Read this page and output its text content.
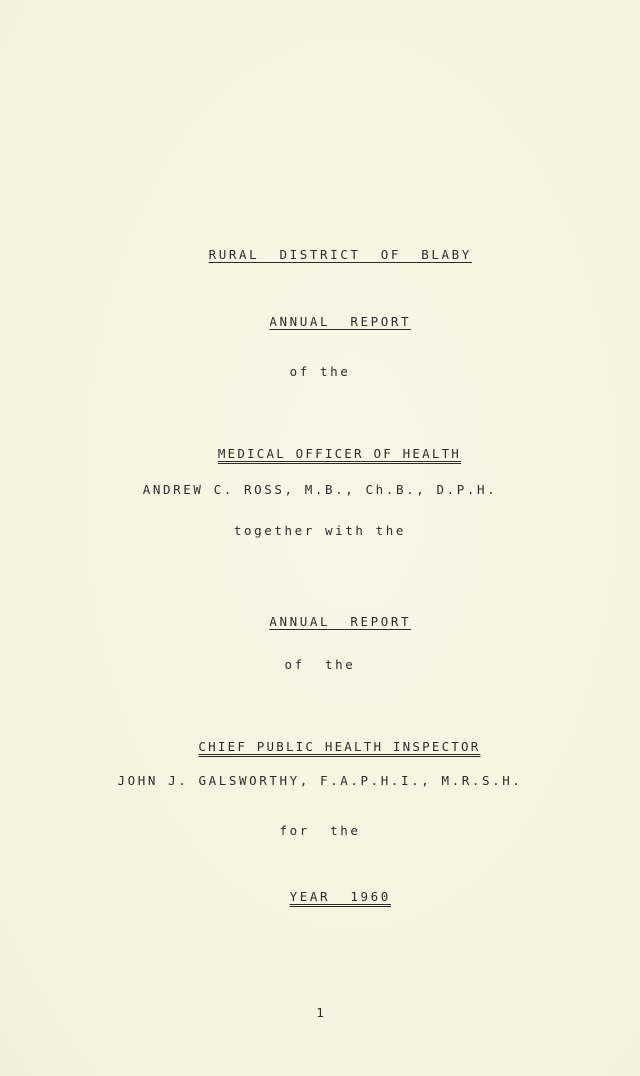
RURAL  DISTRICT  OF  BLABY

ANNUAL  REPORT

of the

MEDICAL OFFICER OF HEALTH

ANDREW C. ROSS, M.B., Ch.B., D.P.H.
together with the

ANNUAL  REPORT

of  the

CHIEF PUBLIC HEALTH INSPECTOR

JOHN J. GALSWORTHY, F.A.P.H.I., M.R.S.H.
for  the

YEAR  1960

1
